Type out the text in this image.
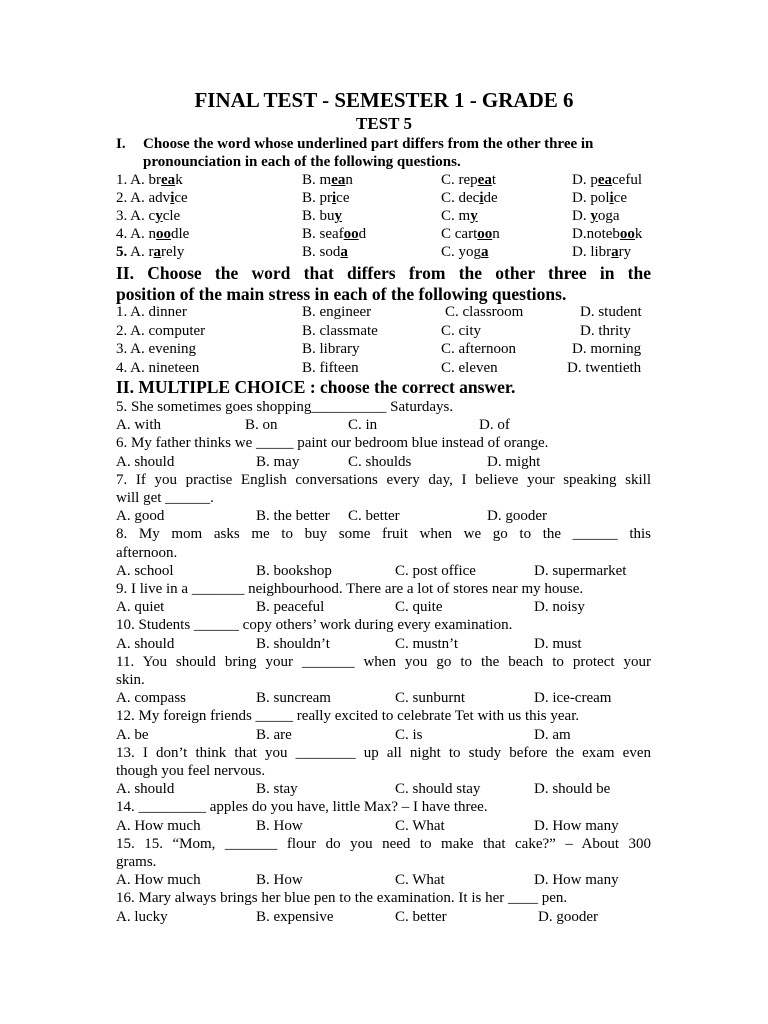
FINAL TEST - SEMESTER 1 - GRADE 6
TEST 5
I. Choose the word whose underlined part differs from the other three in
pronounciation in each of the following questions.
II. Choose the word that differs from the other three in the
position of the main stress in each of the following questions.
II. MULTIPLE CHOICE : choose the correct answer.
1. A. break	B. mean	C. repeat	D. peaceful
2. A. advice	B. price	C. decide	D. police
3. A. cycle	B. buy	C. my	D. yoga
4. A. noodle	B. seafood	C cartoon	D.notebook
5. A. rarely	B. soda	C. yoga	D. library
1. A. dinner	B. engineer	C. classroom	D. student
2. A. computer	B. classmate	C. city	D. thrity
3. A. evening	B. library	C. afternoon	D. morning
4. A. nineteen	B. fifteen	C. eleven	D. twentieth
5. She sometimes goes shopping__________ Saturdays.
A. with	B. on	C. in	D. of
6. My father thinks we _____ paint our bedroom blue instead of orange.
A. should	B. may	C. shoulds	D. might
7. If you practise English conversations every day, I believe your speaking skill
will get ______.
A. good	B. the better C. better	D. gooder
8. My mom asks me to buy some fruit when we go to the ______ this
afternoon.
A. school	B. bookshop	C. post office	D. supermarket
9. I live in a _______ neighbourhood. There are a lot of stores near my house.
A. quiet	B. peaceful	C. quite	D. noisy
10. Students ______ copy others’ work during every examination.
A. should	B. shouldn’t	C. mustn’t	D. must
11. You should bring your _______ when you go to the beach to protect your
skin.
A. compass	B. suncream	C. sunburnt	D. ice-cream
12. My foreign friends _____ really excited to celebrate Tet with us this year.
A. be	B. are	C. is	D. am
13. I don’t think that you ________ up all night to study before the exam even
though you feel nervous.
A. should	B. stay	C. should stay	D. should be
14. _________ apples do you have, little Max? – I have three.
A. How much	B. How	C. What	D. How many
15. 15. “Mom, _______ flour do you need to make that cake?” – About 300
grams.
A. How much	B. How	C. What	D. How many
16. Mary always brings her blue pen to the examination. It is her ____ pen.
A. lucky	B. expensive	C. better	D. gooder
